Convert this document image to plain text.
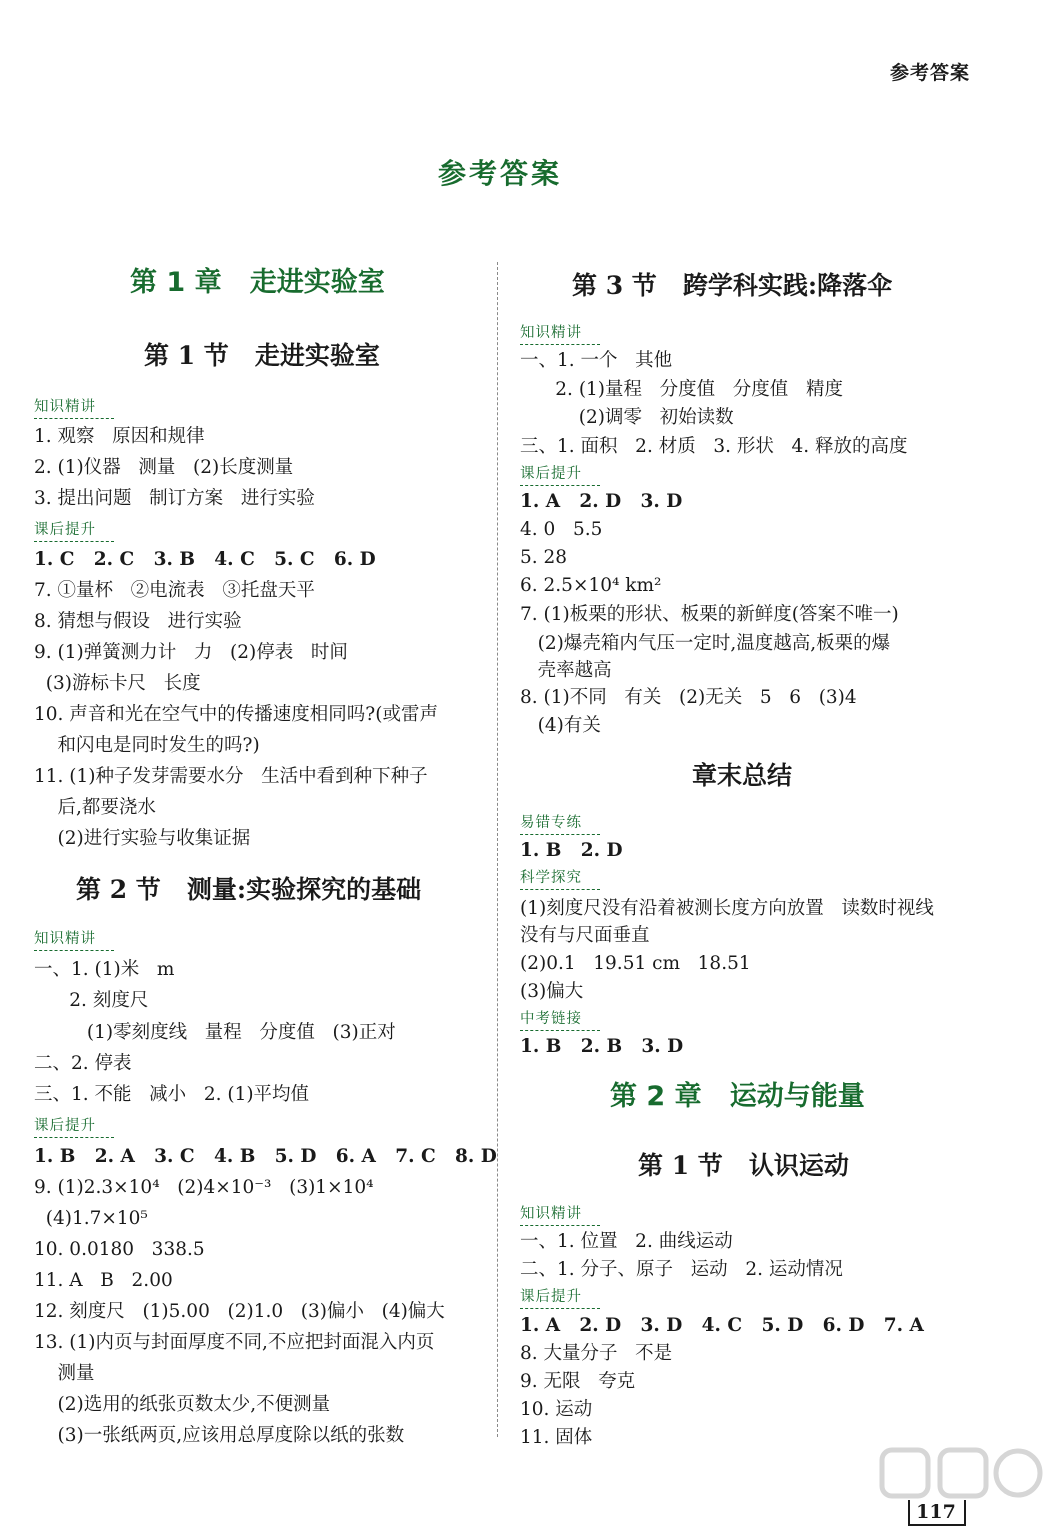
参考答案
参考答案
第 1 章   走进实验室
第 1 节   走进实验室
知识精讲
1. 观察   原因和规律
2. (1)仪器   测量   (2)长度测量
3. 提出问题   制订方案   进行实验
课后提升
1. C   2. C   3. B   4. C   5. C   6. D
7. ①量杯   ②电流表   ③托盘天平
8. 猜想与假设   进行实验
9. (1)弹簧测力计   力   (2)停表   时间
(3)游标卡尺   长度
10. 声音和光在空气中的传播速度相同吗?(或雷声
和闪电是同时发生的吗?)
11. (1)种子发芽需要水分   生活中看到种下种子
后,都要浇水
(2)进行实验与收集证据
第 2 节   测量:实验探究的基础
知识精讲
一、1. (1)米   m
2. 刻度尺
(1)零刻度线   量程   分度值   (3)正对
二、2. 停表
三、1. 不能   减小   2. (1)平均值
课后提升
1. B   2. A   3. C   4. B   5. D   6. A   7. C   8. D
9. (1)2.3×10⁴   (2)4×10⁻³   (3)1×10⁴
(4)1.7×10⁵
10. 0.0180   338.5
11. A   B   2.00
12. 刻度尺   (1)5.00   (2)1.0   (3)偏小   (4)偏大
13. (1)内页与封面厚度不同,不应把封面混入内页
测量
(2)选用的纸张页数太少,不便测量
(3)一张纸两页,应该用总厚度除以纸的张数
第 3 节   跨学科实践:降落伞
知识精讲
一、1. 一个   其他
2. (1)量程   分度值   分度值   精度
(2)调零   初始读数
三、1. 面积   2. 材质   3. 形状   4. 释放的高度
课后提升
1. A   2. D   3. D
4. 0   5.5
5. 28
6. 2.5×10⁴ km²
7. (1)板栗的形状、板栗的新鲜度(答案不唯一)
(2)爆壳箱内气压一定时,温度越高,板栗的爆
壳率越高
8. (1)不同   有关   (2)无关   5   6   (3)4
(4)有关
章末总结
易错专练
1. B   2. D
科学探究
(1)刻度尺没有沿着被测长度方向放置   读数时视线
没有与尺面垂直
(2)0.1   19.51 cm   18.51
(3)偏大
中考链接
1. B   2. B   3. D
第 2 章   运动与能量
第 1 节   认识运动
知识精讲
一、1. 位置   2. 曲线运动
二、1. 分子、原子   运动   2. 运动情况
课后提升
1. A   2. D   3. D   4. C   5. D   6. D   7. A
8. 大量分子   不是
9. 无限   夸克
10. 运动
11. 固体
117
